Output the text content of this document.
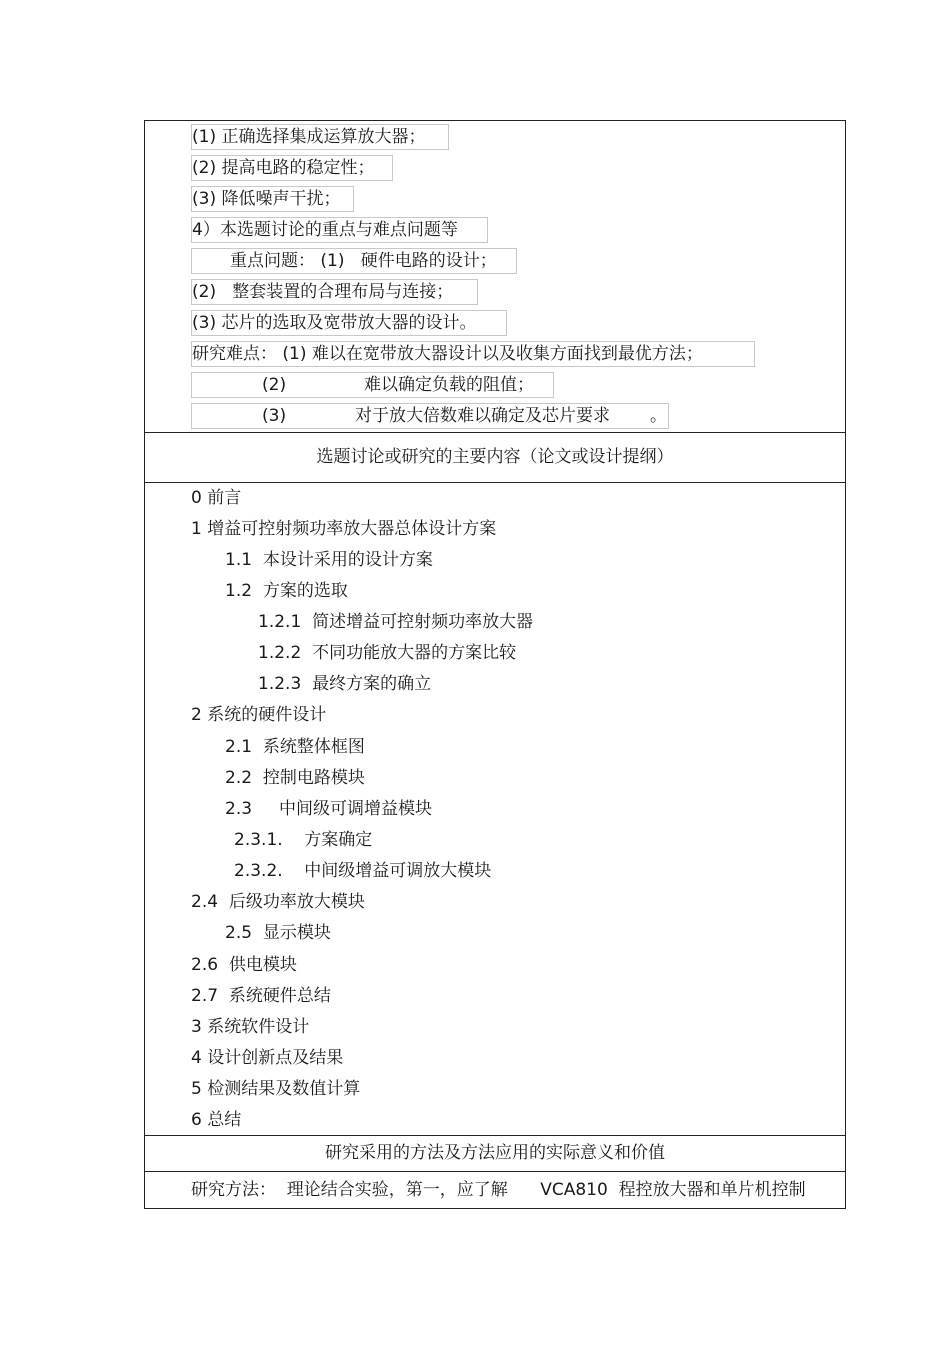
(1) 正确选择集成运算放大器；
(2) 提高电路的稳定性；
(3) 降低噪声干扰；
4）本选题讨论的重点与难点问题等
重点问题： (1)   硬件电路的设计；
(2)   整套装置的合理布局与连接；
(3) 芯片的选取及宽带放大器的设计。
研究难点： (1) 难以在宽带放大器设计以及收集方面找到最优方法；

(2)

	难以确定负载的阻值；

(3)

	对于放大倍数难以确定及芯片要求

。

选题讨论或研究的主要内容（论文或设计提纲）
0 前言
1 增益可控射频功率放大器总体设计方案
1.1  本设计采用的设计方案
1.2  方案的选取
1.2.1  简述增益可控射频功率放大器
1.2.2  不同功能放大器的方案比较
1.2.3  最终方案的确立
2 系统的硬件设计
2.1  系统整体框图
2.2  控制电路模块
2.3     中间级可调增益模块
2.3.1.    方案确定
2.3.2.    中间级增益可调放大模块
2.4  后级功率放大模块
2.5  显示模块
2.6  供电模块
2.7  系统硬件总结
3 系统软件设计
4 设计创新点及结果
5 检测结果及数值计算
6 总结
研究采用的方法及方法应用的实际意义和价值
研究方法：  理论结合实验，第一，应了解      VCA810  程控放大器和单片机控制
